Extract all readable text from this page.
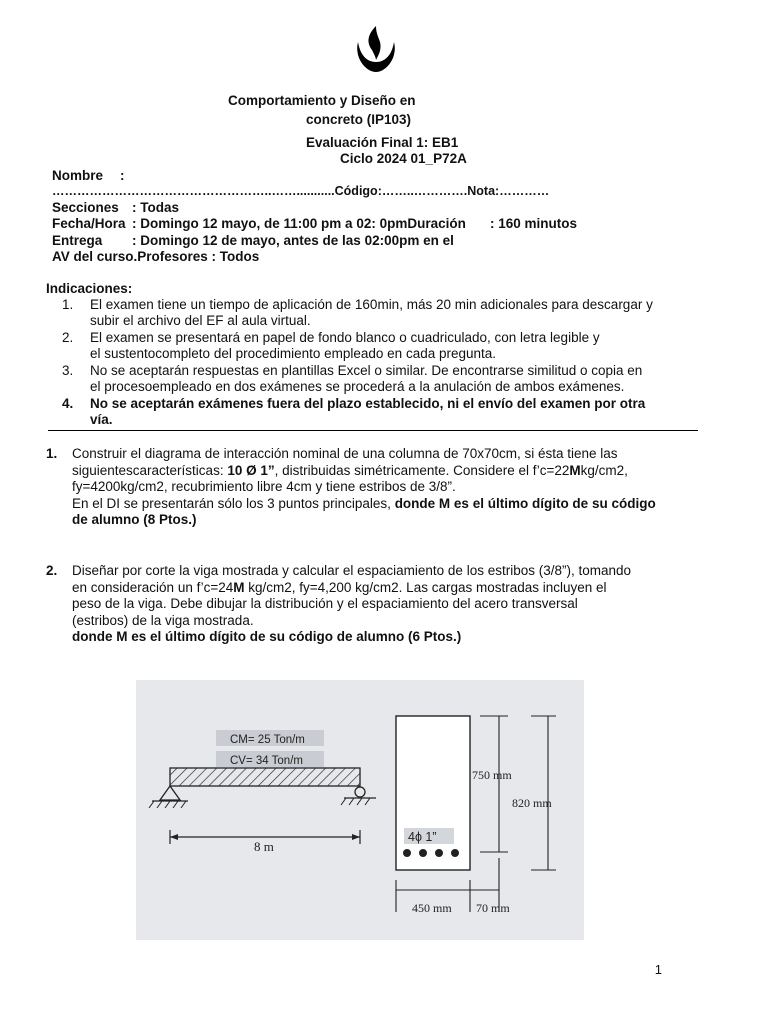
Comportamiento y Diseño en
concreto (IP103)
Evaluación Final 1: EB1
Ciclo 2024 01_P72A
Nombre :
……………………………………………..……...........Código:……..………….Nota:…………
Secciones : Todas
Fecha/Hora : Domingo 12 mayo, de 11:00 pm a 02: 0pmDuración : 160 minutos
Entrega : Domingo 12 de mayo, antes de las 02:00pm en el
AV del curso.Profesores : Todos
Indicaciones:
1.	El examen tiene un tiempo de aplicación de 160min, más 20 min adicionales para descargar y
subir el archivo del EF al aula virtual.
2.	El examen se presentará en papel de fondo blanco o cuadriculado, con letra legible y
el sustentocompleto del procedimiento empleado en cada pregunta.
3.	No se aceptarán respuestas en plantillas Excel o similar. De encontrarse similitud o copia en
el procesoempleado en dos exámenes se procederá a la anulación de ambos exámenes.
4.	No se aceptarán exámenes fuera del plazo establecido, ni el envío del examen por otra
vía.
1. Construir el diagrama de interacción nominal de una columna de 70x70cm, si ésta tiene las
siguientescaracterísticas: 10 Ø 1”, distribuidas simétricamente. Considere el f’c=22Mkg/cm2,
fy=4200kg/cm2, recubrimiento libre 4cm y tiene estribos de 3/8”.
En el DI se presentarán sólo los 3 puntos principales, donde M es el último dígito de su código
de alumno (8 Ptos.)
2. Diseñar por corte la viga mostrada y calcular el espaciamiento de los estribos (3/8”), tomando
en consideración un f’c=24M kg/cm2, fy=4,200 kg/cm2. Las cargas mostradas incluyen el
peso de la viga. Debe dibujar la distribución y el espaciamiento del acero transversal
(estribos) de la viga mostrada.
donde M es el último dígito de su código de alumno (6 Ptos.)
CM= 25 Ton/m
CV= 34 Ton/m
8 m
4ϕ 1”
750 mm
820 mm
450 mm 70 mm
1
